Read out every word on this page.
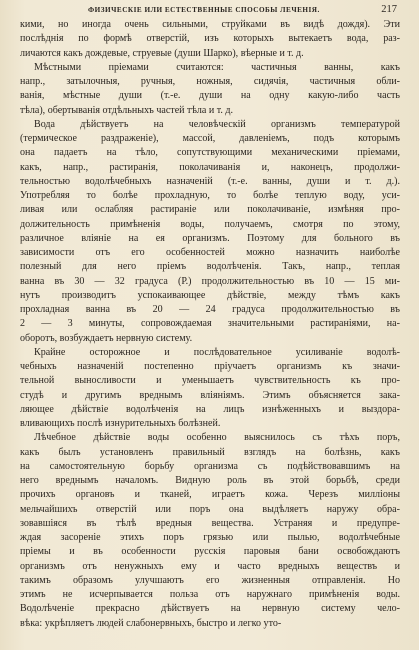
ФИЗИЧЕСКІЕ ИЛИ ЕСТЕСТВЕННЫЕ СПОСОБЫ ЛЕЧЕНІЯ.	217

кими, но иногда очень сильными, струйками въ видѣ дождя). Эти
послѣднія по формѣ отверстій, изъ которыхъ вытекаетъ вода, раз-
личаются какъ дождевые, струевые (души Шарко), вѣерные и т. д.

Мѣстными пріемами считаются: частичныя ванны, какъ
напр., затылочныя, ручныя, ножныя, сидячія, частичныя обли-
ванія, мѣстные души (т.-е. души на одну какую-либо часть
тѣла), обертыванія отдѣльныхъ частей тѣла и т. д.

Вода дѣйствуетъ на человѣческій организмъ температурой
(термическое раздраженіе), массой, давленіемъ, подъ которымъ
она падаетъ на тѣло, сопутствующими механическими пріемами,
какъ, напр., растиранія, поколачиванія и, наконецъ, продолжи-
тельностью водолѣчебныхъ назначеній (т.-е. ванны, души и т. д.).
Употребляя то болѣе прохладную, то болѣе теплую воду, уси-
ливая или ослабляя растираніе или поколачиваніе, измѣняя про-
должительность примѣненія воды, получаемъ, смотря по этому,
различное вліяніе на ея организмъ. Поэтому для больного въ
зависимости отъ его особенностей можно назначить наиболѣе
полезный для него пріемъ водолѣченія. Такъ, напр., теплая
ванна въ 30 — 32 градуса (Р.) продолжительностью въ 10 — 15 ми-
нутъ производитъ успокаивающее дѣйствіе, между тѣмъ какъ
прохладная ванна въ 20 — 24 градуса продолжительностью въ
2 — 3 минуты, сопровождаемая значительными растираніями, на-
оборотъ, возбуждаетъ нервную систему.

Крайне осторожное и послѣдовательное усиливаніе водолѣ-
чебныхъ назначеній постепенно пріучаетъ организмъ къ значи-
тельной выносливости и уменьшаетъ чувствительность къ про-
студѣ и другимъ вреднымъ вліяніямъ. Этимъ объясняется зака-
ляющее дѣйствіе водолѣченія на лицъ изнѣженныхъ и выздора-
вливающихъ послѣ изнурительныхъ болѣзней.

Лѣчебное дѣйствіе воды особенно выяснилось съ тѣхъ поръ,
какъ былъ установленъ правильный взглядъ на болѣзнь, какъ
на самостоятельную борьбу организма съ подѣйствовавшимъ на
него вреднымъ началомъ. Видную роль въ этой борьбѣ, среди
прочихъ органовъ и тканей, играетъ кожа. Черезъ милліоны
мельчайшихъ отверстій или поръ она выдѣляетъ наружу обра-
зовавшіяся въ тѣлѣ вредныя вещества. Устраняя и предупре-
ждая засореніе этихъ поръ грязью или пылью, водолѣчебные
пріемы и въ особенности русскія паровыя бани освобождаютъ
организмъ отъ ненужныхъ ему и часто вредныхъ веществъ и
такимъ образомъ улучшаютъ его жизненныя отправленія. Но
этимъ не исчерпывается польза отъ наружнаго примѣненія воды.
Водолѣченіе прекрасно дѣйствуетъ на нервную систему чело-
вѣка: укрѣпляетъ людей слабонервныхъ, быстро и легко уто-
